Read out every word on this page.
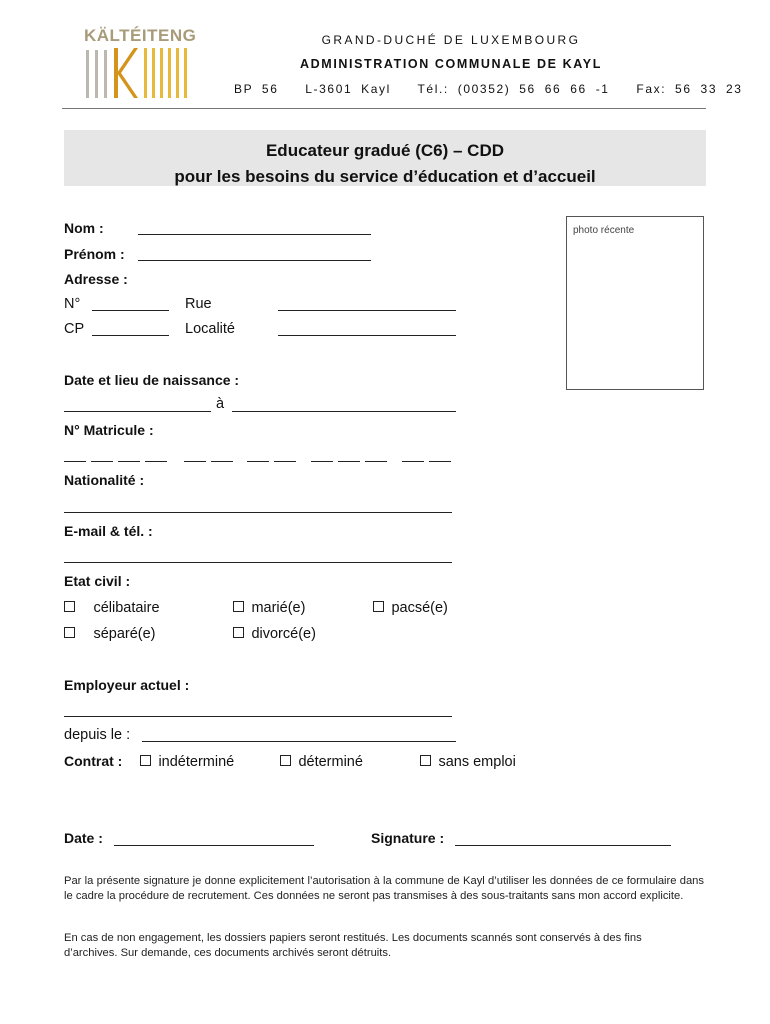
KÄLTÉITENG	GRAND-DUCHÉ DE LUXEMBOURG
ADMINISTRATION COMMUNALE DE KAYL
BP 56   L-3601 Kayl   Tél.: (00352) 56 66 66 -1   Fax: 56 33 23
Educateur gradué (C6) – CDD
pour les besoins du service d’éducation et d’accueil
photo récente
Nom :
Prénom :
Adresse :
N°	Rue
CP	Localité
Date et lieu de naissance :
à
N° Matricule :
Nationalité :
E-mail & tél. :
Etat civil :
célibataire	marié(e)	pacsé(e)
séparé(e)	divorcé(e)
Employeur actuel :
depuis le :
Contrat :	indéterminé	déterminé	sans emploi
Date :	Signature :
Par la présente signature je donne explicitement l’autorisation à la commune de Kayl d’utiliser les données de ce formulaire dans le cadre la procédure de recrutement. Ces données ne seront pas transmises à des sous-traitants sans mon accord explicite.
En cas de non engagement, les dossiers papiers seront restitués. Les documents scannés sont conservés à des fins d’archives. Sur demande, ces documents archivés seront détruits.
